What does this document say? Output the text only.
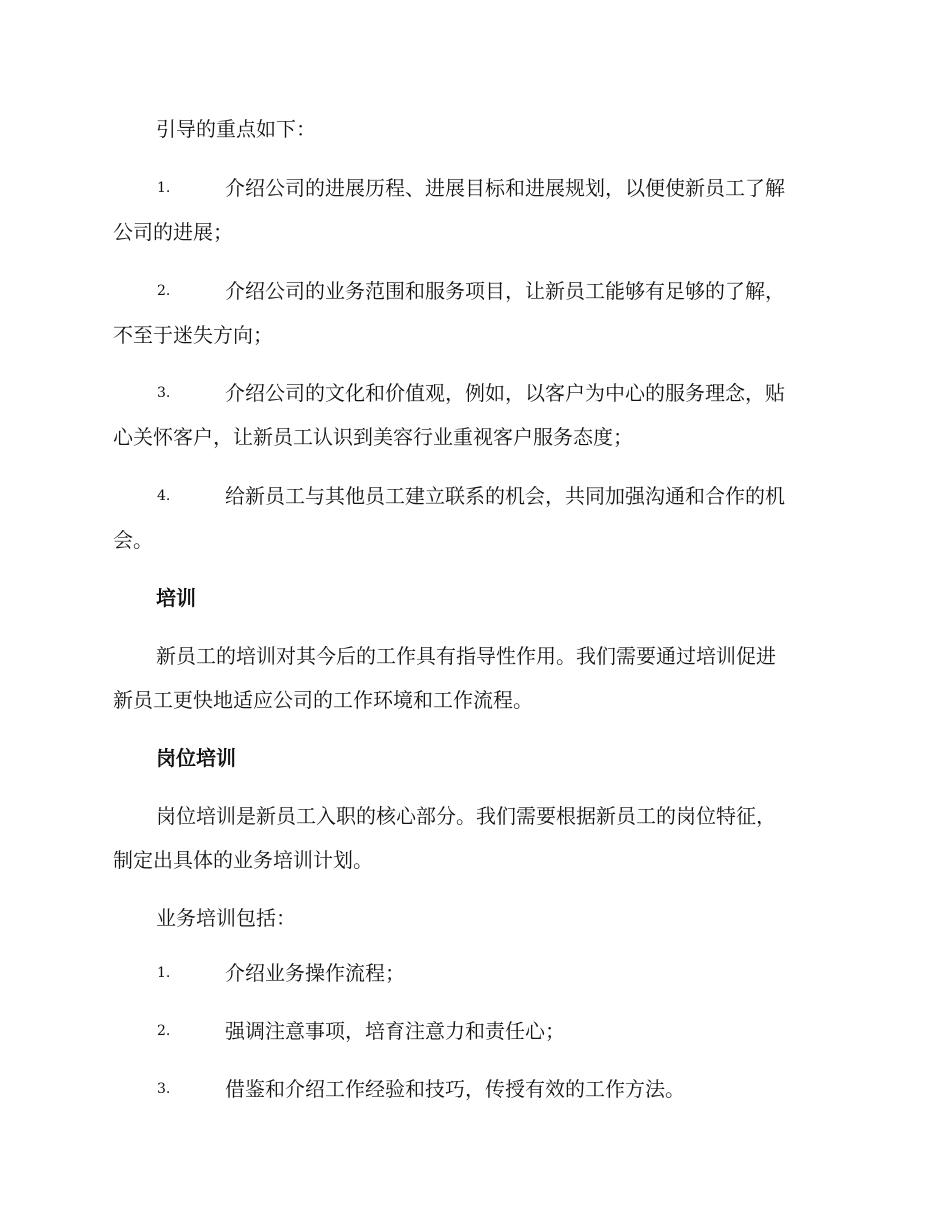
引导的重点如下：
1.	介绍公司的进展历程、进展目标和进展规划，以便使新员工了解
公司的进展；
2.	介绍公司的业务范围和服务项目，让新员工能够有足够的了解，
不至于迷失方向；
3.	介绍公司的文化和价值观，例如，以客户为中心的服务理念，贴
心关怀客户，让新员工认识到美容行业重视客户服务态度；
4.	给新员工与其他员工建立联系的机会，共同加强沟通和合作的机
会。
培训
新员工的培训对其今后的工作具有指导性作用。我们需要通过培训促进
新员工更快地适应公司的工作环境和工作流程。
岗位培训
岗位培训是新员工入职的核心部分。我们需要根据新员工的岗位特征，
制定出具体的业务培训计划。
业务培训包括：
1.	介绍业务操作流程；
2.	强调注意事项，培育注意力和责任心；
3.	借鉴和介绍工作经验和技巧，传授有效的工作方法。
